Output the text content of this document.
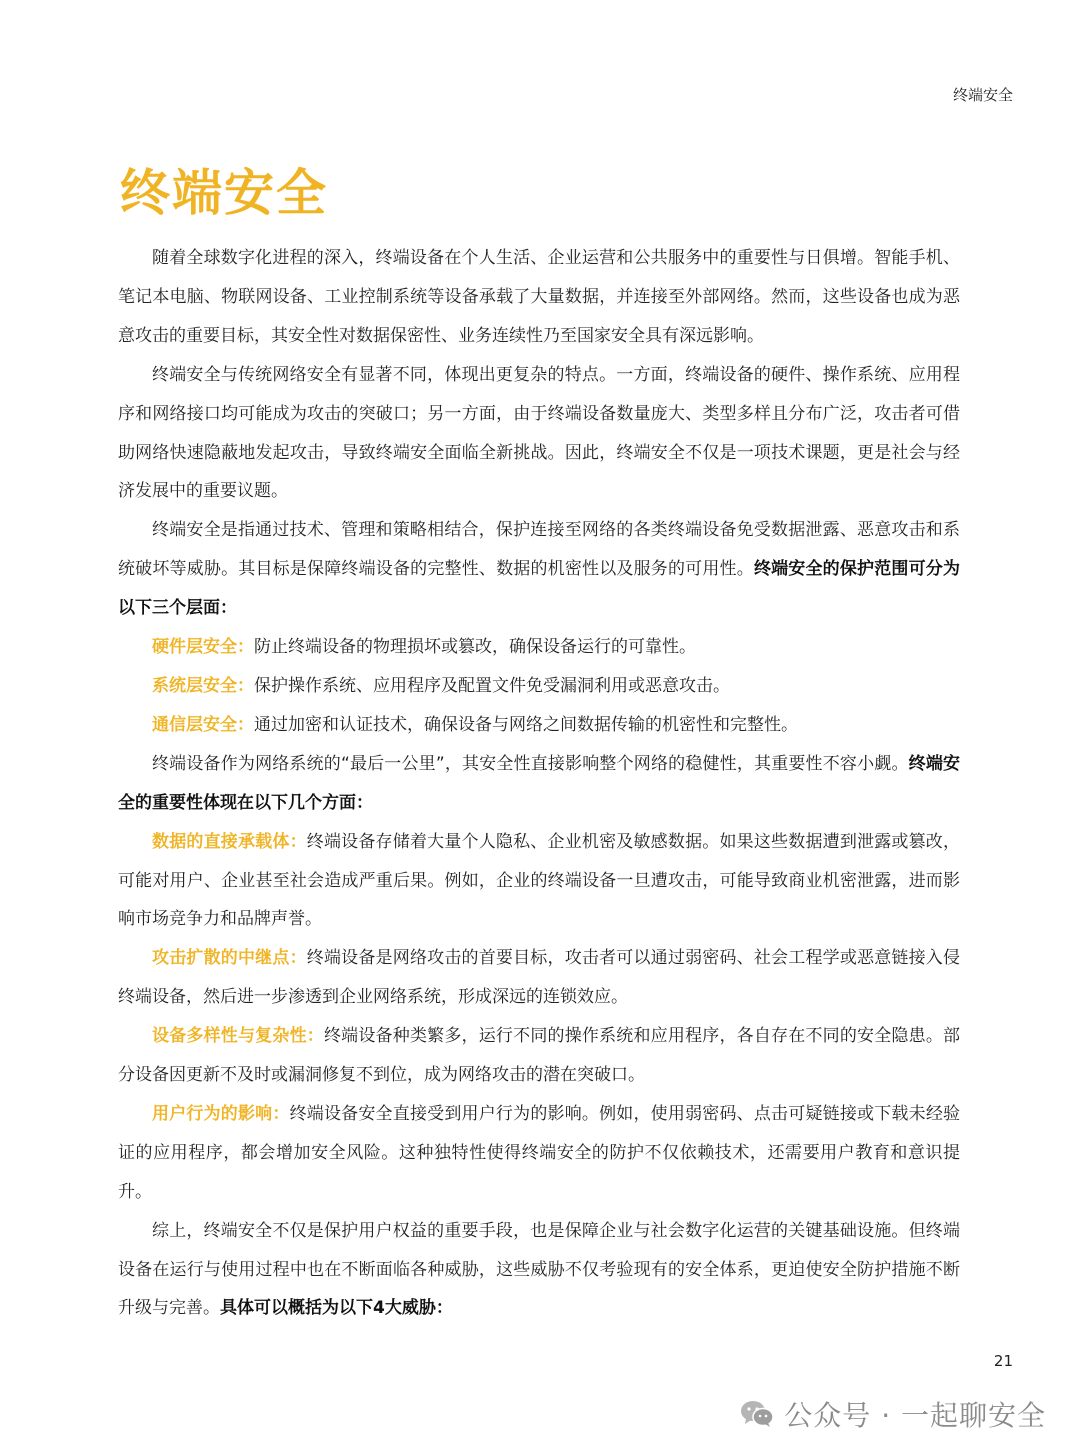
终端安全
终端安全

随着全球数字化进程的深入，终端设备在个人生活、企业运营和公共服务中的重要性与日俱增。智能手机、笔记本电脑、物联网设备、工业控制系统等设备承载了大量数据，并连接至外部网络。然而，这些设备也成为恶意攻击的重要目标，其安全性对数据保密性、业务连续性乃至国家安全具有深远影响。

终端安全与传统网络安全有显著不同，体现出更复杂的特点。一方面，终端设备的硬件、操作系统、应用程序和网络接口均可能成为攻击的突破口；另一方面，由于终端设备数量庞大、类型多样且分布广泛，攻击者可借助网络快速隐蔽地发起攻击，导致终端安全面临全新挑战。因此，终端安全不仅是一项技术课题，更是社会与经济发展中的重要议题。

终端安全是指通过技术、管理和策略相结合，保护连接至网络的各类终端设备免受数据泄露、恶意攻击和系统破坏等威胁。其目标是保障终端设备的完整性、数据的机密性以及服务的可用性。终端安全的保护范围可分为以下三个层面：

硬件层安全：防止终端设备的物理损坏或篡改，确保设备运行的可靠性。

系统层安全：保护操作系统、应用程序及配置文件免受漏洞利用或恶意攻击。

通信层安全：通过加密和认证技术，确保设备与网络之间数据传输的机密性和完整性。

终端设备作为网络系统的“最后一公里”，其安全性直接影响整个网络的稳健性，其重要性不容小觑。终端安全的重要性体现在以下几个方面：

数据的直接承载体：终端设备存储着大量个人隐私、企业机密及敏感数据。如果这些数据遭到泄露或篡改，可能对用户、企业甚至社会造成严重后果。例如，企业的终端设备一旦遭攻击，可能导致商业机密泄露，进而影响市场竞争力和品牌声誉。

攻击扩散的中继点：终端设备是网络攻击的首要目标，攻击者可以通过弱密码、社会工程学或恶意链接入侵终端设备，然后进一步渗透到企业网络系统，形成深远的连锁效应。

设备多样性与复杂性：终端设备种类繁多，运行不同的操作系统和应用程序，各自存在不同的安全隐患。部分设备因更新不及时或漏洞修复不到位，成为网络攻击的潜在突破口。

用户行为的影响：终端设备安全直接受到用户行为的影响。例如，使用弱密码、点击可疑链接或下载未经验证的应用程序，都会增加安全风险。这种独特性使得终端安全的防护不仅依赖技术，还需要用户教育和意识提升。

综上，终端安全不仅是保护用户权益的重要手段，也是保障企业与社会数字化运营的关键基础设施。但终端设备在运行与使用过程中也在不断面临各种威胁，这些威胁不仅考验现有的安全体系，更迫使安全防护措施不断升级与完善。具体可以概括为以下4大威胁：

21
公众号 · 一起聊安全
